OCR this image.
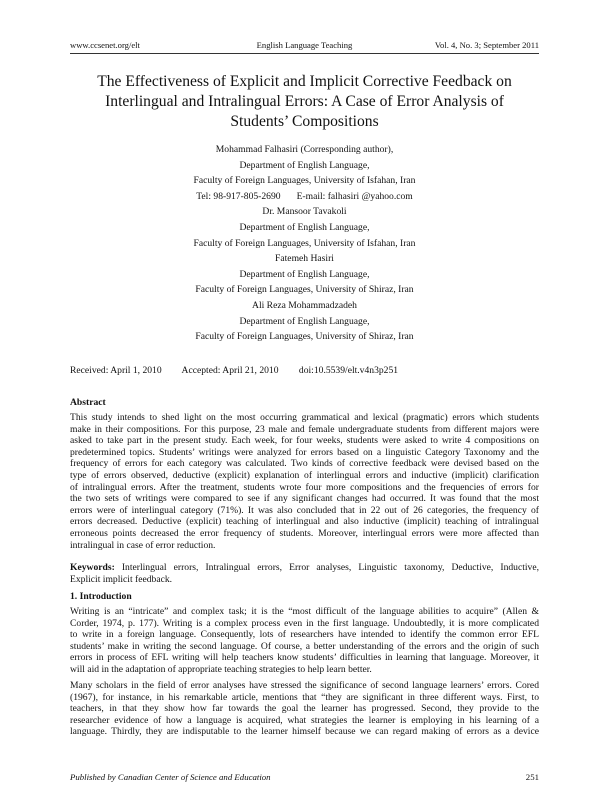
www.ccsenet.org/elt	English Language Teaching	Vol. 4, No. 3; September 2011
The Effectiveness of Explicit and Implicit Corrective Feedback on
Interlingual and Intralingual Errors: A Case of Error Analysis of
Students’ Compositions
Mohammad Falhasiri (Corresponding author),
Department of English Language,
Faculty of Foreign Languages, University of Isfahan, Iran
Tel: 98-917-805-2690 E-mail: falhasiri @yahoo.com
Dr. Mansoor Tavakoli
Department of English Language,
Faculty of Foreign Languages, University of Isfahan, Iran
Fatemeh Hasiri
Department of English Language,
Faculty of Foreign Languages, University of Shiraz, Iran
Ali Reza Mohammadzadeh
Department of English Language,
Faculty of Foreign Languages, University of Shiraz, Iran
Received: April 1, 2010 Accepted: April 21, 2010 doi:10.5539/elt.v4n3p251
Abstract
This study intends to shed light on the most occurring grammatical and lexical (pragmatic) errors which students
make in their compositions. For this purpose, 23 male and female undergraduate students from different majors were
asked to take part in the present study. Each week, for four weeks, students were asked to write 4 compositions on
predetermined topics. Students’ writings were analyzed for errors based on a linguistic Category Taxonomy and the
frequency of errors for each category was calculated. Two kinds of corrective feedback were devised based on the
type of errors observed, deductive (explicit) explanation of interlingual errors and inductive (implicit) clarification
of intralingual errors. After the treatment, students wrote four more compositions and the frequencies of errors for
the two sets of writings were compared to see if any significant changes had occurred. It was found that the most
errors were of interlingual category (71%). It was also concluded that in 22 out of 26 categories, the frequency of
errors decreased. Deductive (explicit) teaching of interlingual and also inductive (implicit) teaching of intralingual
erroneous points decreased the error frequency of students. Moreover, interlingual errors were more affected than
intralingual in case of error reduction.
Keywords: Interlingual errors, Intralingual errors, Error analyses, Linguistic taxonomy, Deductive, Inductive,
Explicit implicit feedback.
1. Introduction
Writing is an “intricate” and complex task; it is the “most difficult of the language abilities to acquire” (Allen &
Corder, 1974, p. 177). Writing is a complex process even in the first language. Undoubtedly, it is more complicated
to write in a foreign language. Consequently, lots of researchers have intended to identify the common error EFL
students’ make in writing the second language. Of course, a better understanding of the errors and the origin of such
errors in process of EFL writing will help teachers know students’ difficulties in learning that language. Moreover, it
will aid in the adaptation of appropriate teaching strategies to help learn better.
Many scholars in the field of error analyses have stressed the significance of second language learners’ errors. Cored
(1967), for instance, in his remarkable article, mentions that “they are significant in three different ways. First, to
teachers, in that they show how far towards the goal the learner has progressed. Second, they provide to the
researcher evidence of how a language is acquired, what strategies the learner is employing in his learning of a
language. Thirdly, they are indisputable to the learner himself because we can regard making of errors as a device
Published by Canadian Center of Science and Education	251
